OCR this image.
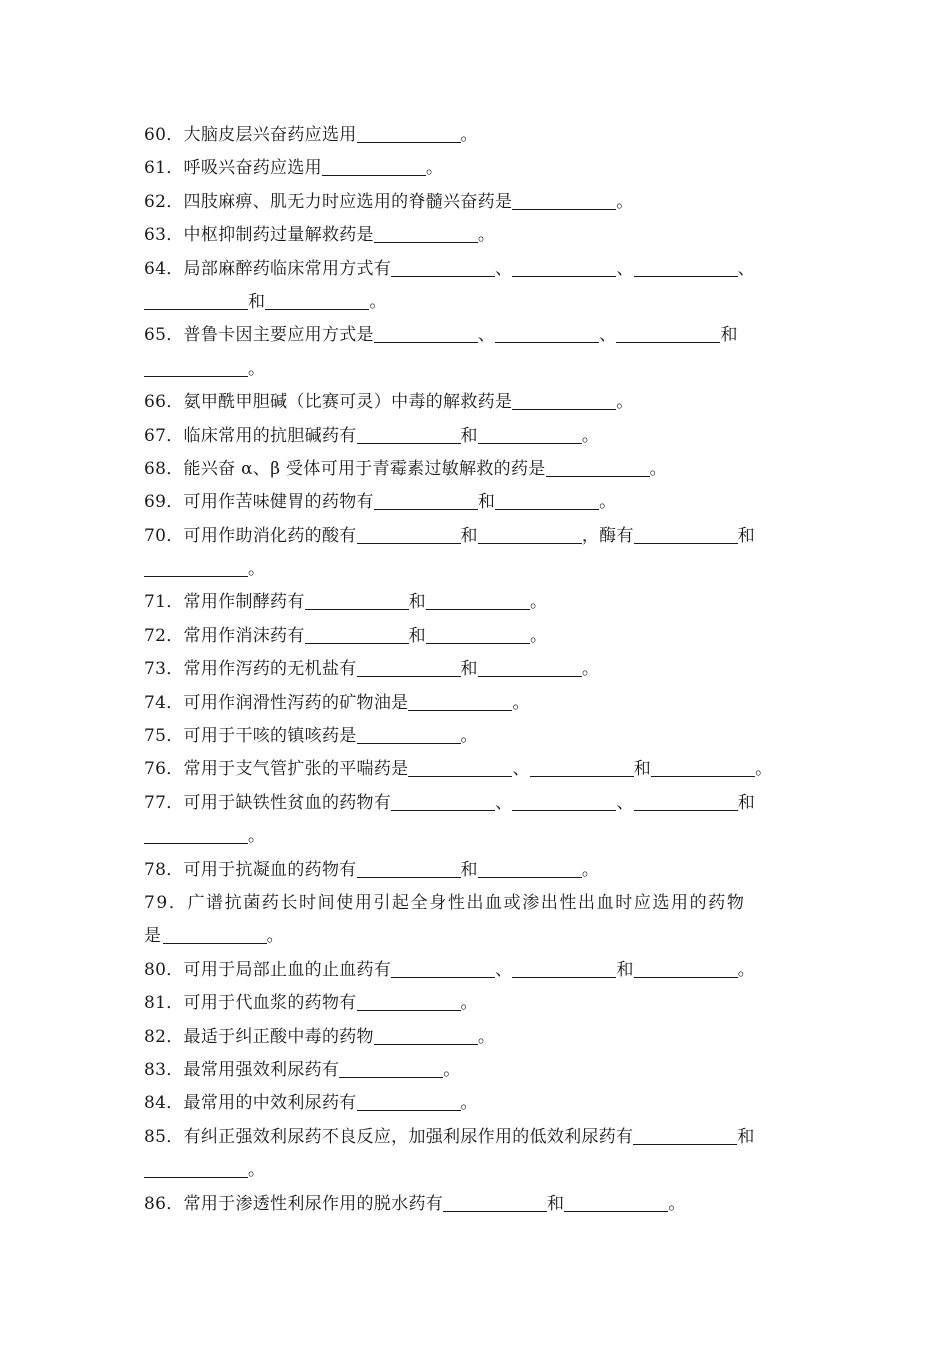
60．大脑皮层兴奋药应选用	。
61．呼吸兴奋药应选用	。
62．四肢麻痹、肌无力时应选用的脊髓兴奋药是	。
63．中枢抑制药过量解救药是	。
64．局部麻醉药临床常用方式有	、	、	、
和	。
65．普鲁卡因主要应用方式是	、	、	和
。
66．氨甲酰甲胆碱（比赛可灵）中毒的解救药是	。
67．临床常用的抗胆碱药有	和	。
68．能兴奋 α、β 受体可用于青霉素过敏解救的药是	。
69．可用作苦味健胃的药物有	和	。
70．可用作助消化药的酸有	和	，酶有	和
。
71．常用作制酵药有	和	。
72．常用作消沫药有	和	。
73．常用作泻药的无机盐有	和	。
74．可用作润滑性泻药的矿物油是	。
75．可用于干咳的镇咳药是	。
76．常用于支气管扩张的平喘药是	、	和	。
77．可用于缺铁性贫血的药物有	、	、	和
。
78．可用于抗凝血的药物有	和	。
79．广谱抗菌药长时间使用引起全身性出血或渗出性出血时应选用的药物
是	。
80．可用于局部止血的止血药有	、	和	。
81．可用于代血浆的药物有	。
82．最适于纠正酸中毒的药物	。
83．最常用强效利尿药有	。
84．最常用的中效利尿药有	。
85．有纠正强效利尿药不良反应，加强利尿作用的低效利尿药有	和
。
86．常用于渗透性利尿作用的脱水药有	和	。
